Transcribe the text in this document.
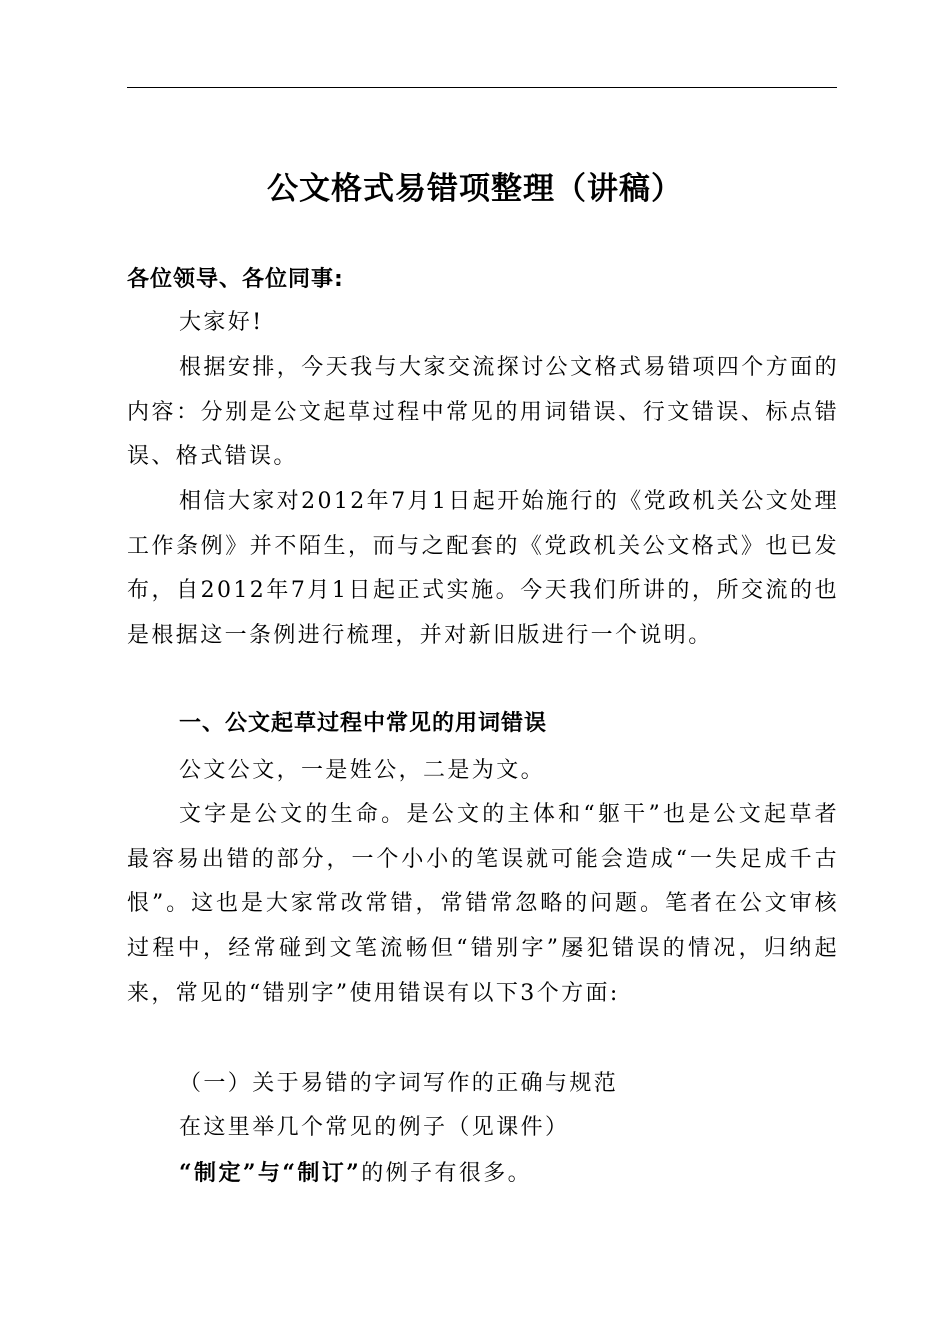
公文格式易错项整理（讲稿）
各位领导、各位同事:
大家好!
根据安排，今天我与大家交流探讨公文格式易错项四个方面的内容：分别是公文起草过程中常见的用词错误、行文错误、标点错误、格式错误。
相信大家对2012年7月1日起开始施行的《党政机关公文处理工作条例》并不陌生，而与之配套的《党政机关公文格式》也已发布，自2012年7月1日起正式实施。今天我们所讲的，所交流的也是根据这一条例进行梳理，并对新旧版进行一个说明。
一、公文起草过程中常见的用词错误
公文公文，一是姓公，二是为文。
文字是公文的生命。是公文的主体和“躯干”也是公文起草者最容易出错的部分，一个小小的笔误就可能会造成“一失足成千古恨”。这也是大家常改常错，常错常忽略的问题。笔者在公文审核过程中，经常碰到文笔流畅但“错别字”屡犯错误的情况，归纳起来，常见的“错别字”使用错误有以下3个方面:
（一）关于易错的字词写作的正确与规范
在这里举几个常见的例子（见课件）
“制定”与“制订”的例子有很多。
